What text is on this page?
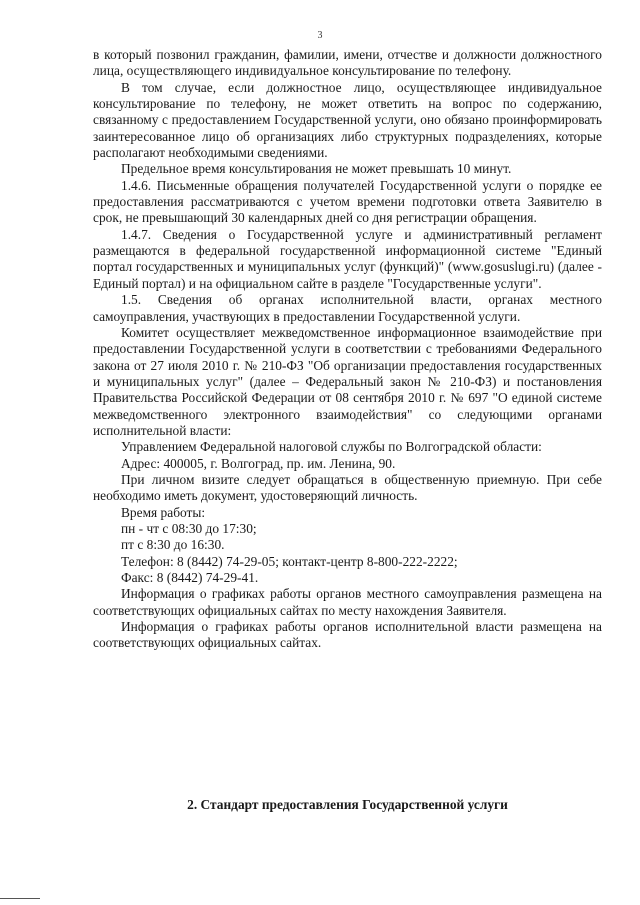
3

в который позвонил гражданин, фамилии, имени, отчестве и должности должностного лица, осуществляющего индивидуальное консультирование по телефону.

В том случае, если должностное лицо, осуществляющее индивидуальное консультирование по телефону, не может ответить на вопрос по содержанию, связанному с предоставлением Государственной услуги, оно обязано проинформировать заинтересованное лицо об организациях либо структурных подразделениях, которые располагают необходимыми сведениями.

Предельное время консультирования не может превышать 10 минут.

1.4.6. Письменные обращения получателей Государственной услуги о порядке ее предоставления рассматриваются с учетом времени подготовки ответа Заявителю в срок, не превышающий 30 календарных дней со дня регистрации обращения.

1.4.7. Сведения о Государственной услуге и административный регламент размещаются в федеральной государственной информационной системе "Единый портал государственных и муниципальных услуг (функций)" (www.gosuslugi.ru) (далее - Единый портал) и на официальном сайте в разделе "Государственные услуги".

1.5. Сведения об органах исполнительной власти, органах местного самоуправления, участвующих в предоставлении Государственной услуги.

Комитет осуществляет межведомственное информационное взаимодействие при предоставлении Государственной услуги в соответствии с требованиями Федерального закона от 27 июля 2010 г. № 210-ФЗ "Об организации предоставления государственных и муниципальных услуг" (далее – Федеральный закон № 210-ФЗ) и постановления Правительства Российской Федерации от 08 сентября 2010 г. № 697 "О единой системе межведомственного электронного взаимодействия" со следующими органами исполнительной власти:

Управлением Федеральной налоговой службы по Волгоградской области:

Адрес: 400005, г. Волгоград, пр. им. Ленина, 90.

При личном визите следует обращаться в общественную приемную. При себе необходимо иметь документ, удостоверяющий личность.

Время работы:

пн - чт с 08:30 до 17:30;

пт с 8:30 до 16:30.

Телефон: 8 (8442) 74-29-05; контакт-центр 8-800-222-2222;

Факс: 8 (8442) 74-29-41.

Информация о графиках работы органов местного самоуправления размещена на соответствующих официальных сайтах по месту нахождения Заявителя.

Информация о графиках работы органов исполнительной власти размещена на соответствующих официальных сайтах.

2. Стандарт предоставления Государственной услуги
